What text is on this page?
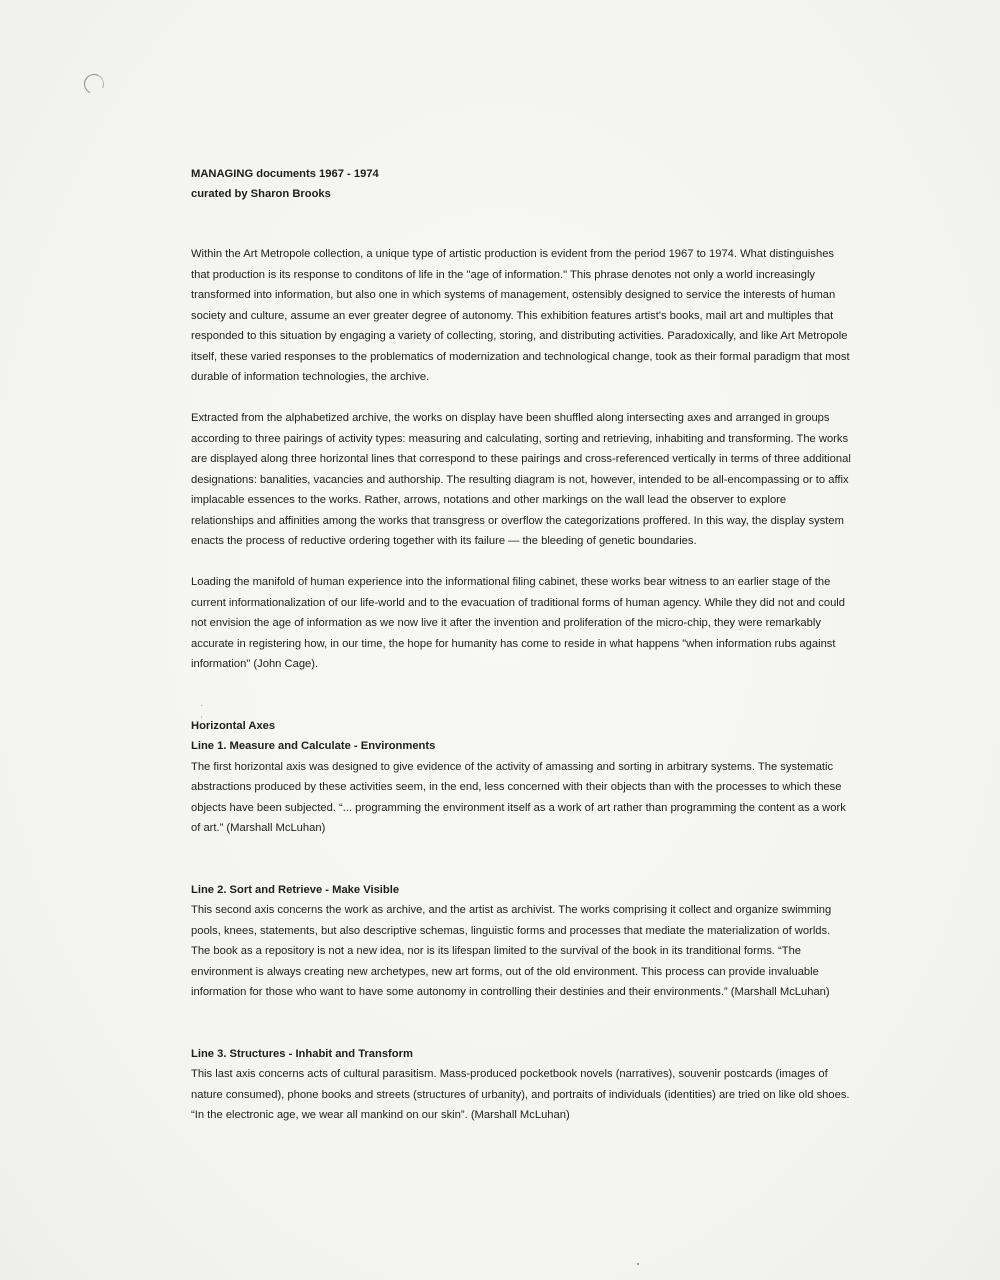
MANAGING documents 1967 - 1974

curated by Sharon Brooks

Within the Art Metropole collection, a unique type of artistic production is evident from the period 1967 to 1974. What distinguishes that production is its response to conditons of life in the "age of information." This phrase denotes not only a world increasingly transformed into information, but also one in which systems of management, ostensibly designed to service the interests of human society and culture, assume an ever greater degree of autonomy. This exhibition features artist's books, mail art and multiples that responded to this situation by engaging a variety of collecting, storing, and distributing activities. Paradoxically, and like Art Metropole itself, these varied responses to the problematics of modernization and technological change, took as their formal paradigm that most durable of information technologies, the archive.

Extracted from the alphabetized archive, the works on display have been shuffled along intersecting axes and arranged in groups according to three pairings of activity types: measuring and calculating, sorting and retrieving, inhabiting and transforming. The works are displayed along three horizontal lines that correspond to these pairings and cross-referenced vertically in terms of three additional designations: banalities, vacancies and authorship. The resulting diagram is not, however, intended to be all-encompassing or to affix implacable essences to the works. Rather, arrows, notations and other markings on the wall lead the observer to explore relationships and affinities among the works that transgress or overflow the categorizations proffered. In this way, the display system enacts the process of reductive ordering together with its failure — the bleeding of genetic boundaries.

Loading the manifold of human experience into the informational filing cabinet, these works bear witness to an earlier stage of the current informationalization of our life-world and to the evacuation of traditional forms of human agency. While they did not and could not envision the age of information as we now live it after the invention and proliferation of the micro-chip, they were remarkably accurate in registering how, in our time, the hope for humanity has come to reside in what happens "when information rubs against information" (John Cage).

Horizontal Axes

Line 1. Measure and Calculate - Environments

The first horizontal axis was designed to give evidence of the activity of amassing and sorting in arbitrary systems. The systematic abstractions produced by these activities seem, in the end, less concerned with their objects than with the processes to which these objects have been subjected. “... programming the environment itself as a work of art rather than programming the content as a work of art.” (Marshall McLuhan)

Line 2. Sort and Retrieve - Make Visible

This second axis concerns the work as archive, and the artist as archivist. The works comprising it collect and organize swimming pools, knees, statements, but also descriptive schemas, linguistic forms and processes that mediate the materialization of worlds. The book as a repository is not a new idea, nor is its lifespan limited to the survival of the book in its tranditional forms. “The environment is always creating new archetypes, new art forms, out of the old environment. This process can provide invaluable information for those who want to have some autonomy in controlling their destinies and their environments.” (Marshall McLuhan)

Line 3. Structures - Inhabit and Transform

This last axis concerns acts of cultural parasitism. Mass-produced pocketbook novels (narratives), souvenir postcards (images of nature consumed), phone books and streets (structures of urbanity), and portraits of individuals (identities) are tried on like old shoes. “In the electronic age, we wear all mankind on our skin”. (Marshall McLuhan)

·
⸒
